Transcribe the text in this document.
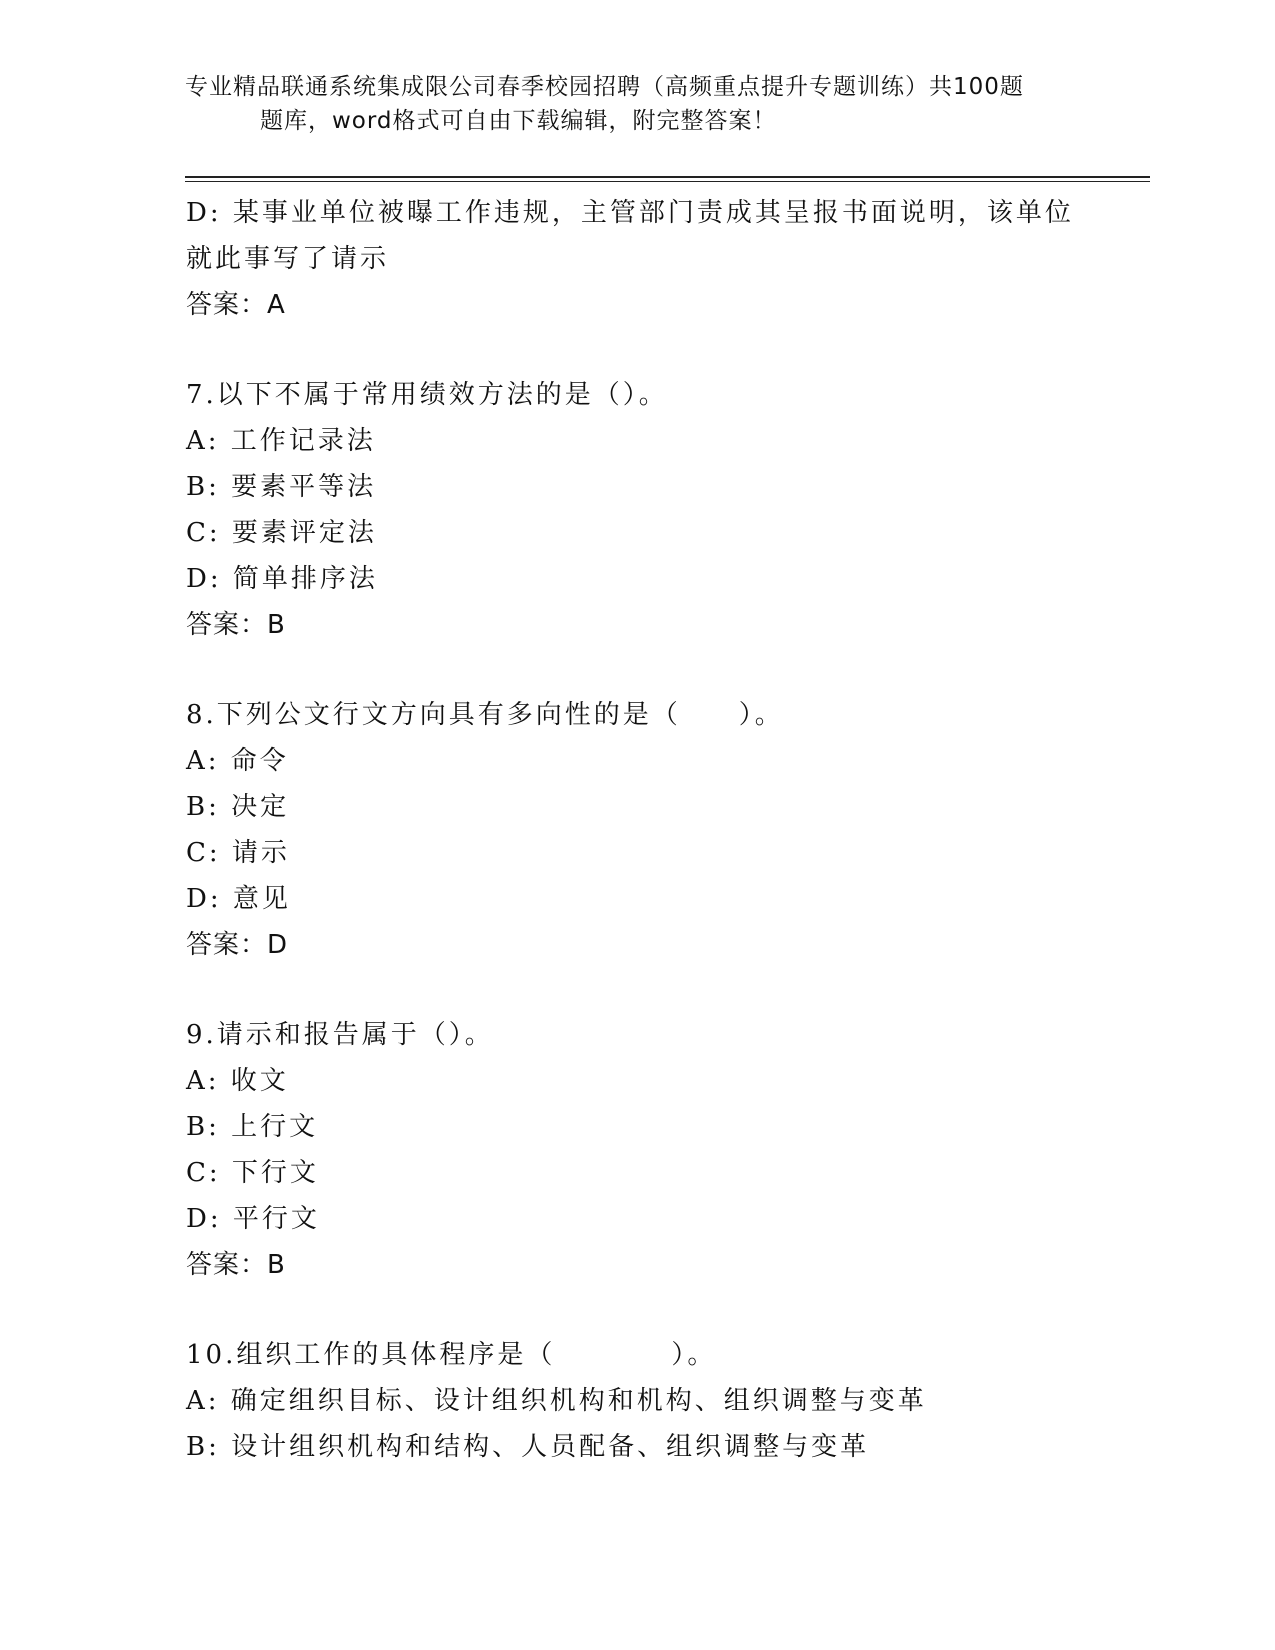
专业精品联通系统集成限公司春季校园招聘（高频重点提升专题训练）共100题
题库，word格式可自由下载编辑，附完整答案！
D: 某事业单位被曝工作违规，主管部门责成其呈报书面说明，该单位
就此事写了请示
答案：A
7.以下不属于常用绩效方法的是（）。
A: 工作记录法
B: 要素平等法
C: 要素评定法
D: 简单排序法
答案：B
8.下列公文行文方向具有多向性的是（　　）。
A: 命令
B: 决定
C: 请示
D: 意见
答案：D
9.请示和报告属于（）。
A: 收文
B: 上行文
C: 下行文
D: 平行文
答案：B
10.组织工作的具体程序是（　　　　）。
A: 确定组织目标、设计组织机构和机构、组织调整与变革
B: 设计组织机构和结构、人员配备、组织调整与变革
